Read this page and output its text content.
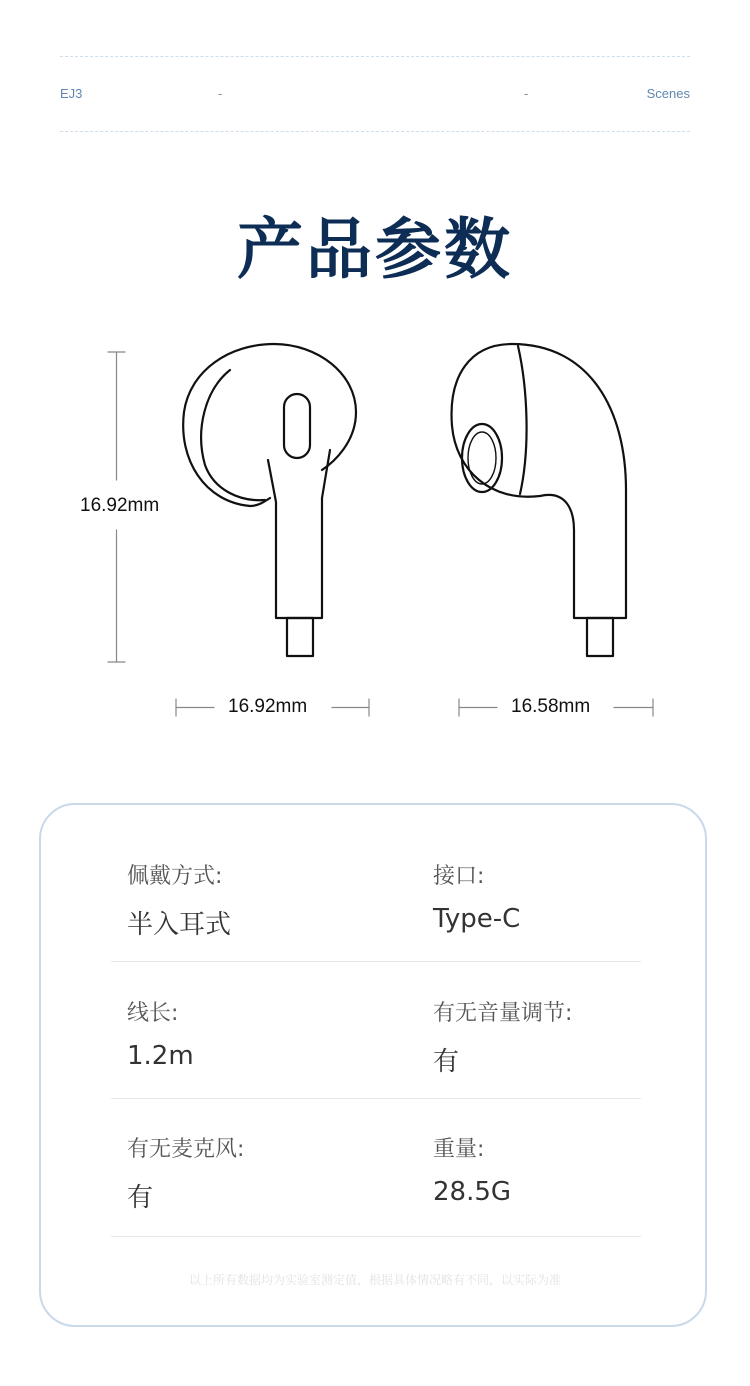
EJ3	-	-	Scenes
产品参数
16.92mm
16.92mm	16.58mm
佩戴方式:
半入耳式
接口:
Type-C
线长:
1.2m
有无音量调节:
有
有无麦克风:
有
重量:
28.5G
以上所有数据均为实验室测定值，根据具体情况略有不同，以实际为准
